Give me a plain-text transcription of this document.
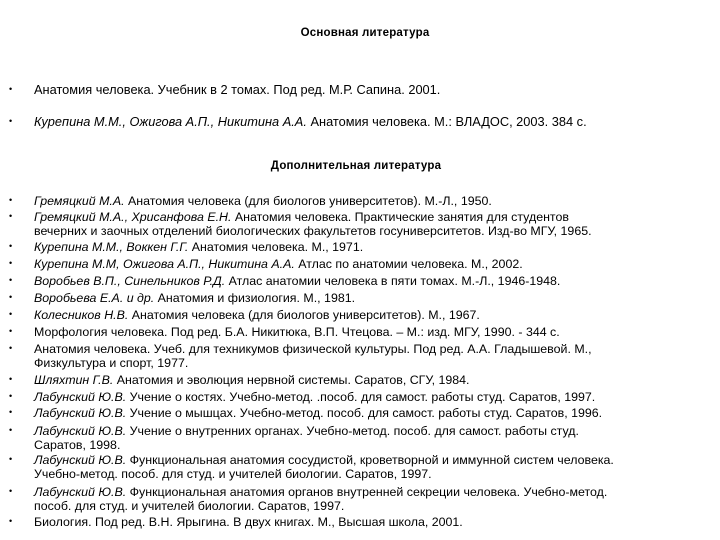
Основная литература
• Анатомия человека. Учебник в 2 томах. Под ред. М.Р. Сапина. 2001.
• Курепина М.М., Ожигова А.П., Никитина А.А. Анатомия человека. М.: ВЛАДОС, 2003. 384 с.
Дополнительная литература
• Гремяцкий М.А. Анатомия человека (для биологов университетов). М.-Л., 1950.
• Гремяцкий М.А., Хрисанфова Е.Н. Анатомия человека. Практические занятия для студентов
вечерних и заочных отделений биологических факультетов госуниверситетов. Изд-во МГУ, 1965.
• Курепина М.М., Воккен Г.Г. Анатомия человека. М., 1971.
• Курепина М.М, Ожигова А.П., Никитина А.А. Атлас по анатомии человека. М., 2002.
• Воробьев В.П., Синельников Р.Д. Атлас анатомии человека в пяти томах. М.-Л., 1946-1948.
• Воробьева Е.А. и др. Анатомия и физиология. М., 1981.
• Колесников Н.В. Анатомия человека (для биологов университетов). М., 1967.
• Морфология человека. Под ред. Б.А. Никитюка, В.П. Чтецова. – М.: изд. МГУ, 1990. - 344 с.
• Анатомия человека. Учеб. для техникумов физической культуры. Под ред. А.А. Гладышевой. М.,
Физкультура и спорт, 1977.
• Шляхтин Г.В. Анатомия и эволюция нервной системы. Саратов, СГУ, 1984.
• Лабунский Ю.В. Учение о костях. Учебно-метод. .пособ. для самост. работы студ. Саратов, 1997.
• Лабунский Ю.В. Учение о мышцах. Учебно-метод. пособ. для самост. работы студ. Саратов, 1996.
• Лабунский Ю.В. Учение о внутренних органах. Учебно-метод. пособ. для самост. работы студ.
Саратов, 1998.
• Лабунский Ю.В. Функциональная анатомия сосудистой, кроветворной и иммунной систем человека.
Учебно-метод. пособ. для студ. и учителей биологии. Саратов, 1997.
• Лабунский Ю.В. Функциональная анатомия органов внутренней секреции человека. Учебно-метод.
пособ. для студ. и учителей биологии. Саратов, 1997.
• Биология. Под ред. В.Н. Ярыгина. В двух книгах. М., Высшая школа, 2001.
